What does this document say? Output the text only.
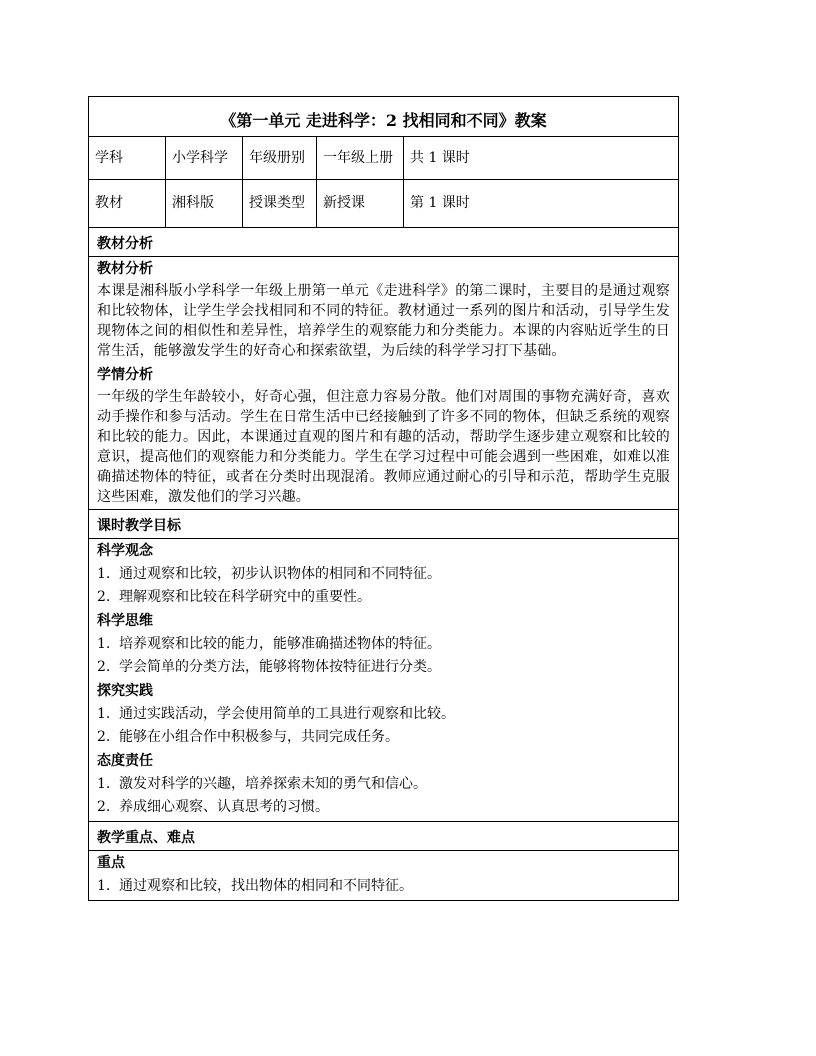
《第一单元 走进科学：2 找相同和不同》教案
学科	小学科学	年级册别	一年级上册	共 1 课时
教材	湘科版	授课类型	新授课	第 1 课时
教材分析
教材分析
本课是湘科版小学科学一年级上册第一单元《走进科学》的第二课时，主要目的是通过观察和比较物体，让学生学会找相同和不同的特征。教材通过一系列的图片和活动，引导学生发现物体之间的相似性和差异性，培养学生的观察能力和分类能力。本课的内容贴近学生的日常生活，能够激发学生的好奇心和探索欲望，为后续的科学学习打下基础。
学情分析
一年级的学生年龄较小，好奇心强，但注意力容易分散。他们对周围的事物充满好奇，喜欢动手操作和参与活动。学生在日常生活中已经接触到了许多不同的物体，但缺乏系统的观察和比较的能力。因此，本课通过直观的图片和有趣的活动，帮助学生逐步建立观察和比较的意识，提高他们的观察能力和分类能力。学生在学习过程中可能会遇到一些困难，如难以准确描述物体的特征，或者在分类时出现混淆。教师应通过耐心的引导和示范，帮助学生克服这些困难，激发他们的学习兴趣。
课时教学目标
科学观念
1. 通过观察和比较，初步认识物体的相同和不同特征。
2. 理解观察和比较在科学研究中的重要性。
科学思维
1. 培养观察和比较的能力，能够准确描述物体的特征。
2. 学会简单的分类方法，能够将物体按特征进行分类。
探究实践
1. 通过实践活动，学会使用简单的工具进行观察和比较。
2. 能够在小组合作中积极参与，共同完成任务。
态度责任
1. 激发对科学的兴趣，培养探索未知的勇气和信心。
2. 养成细心观察、认真思考的习惯。
教学重点、难点
重点
1. 通过观察和比较，找出物体的相同和不同特征。
